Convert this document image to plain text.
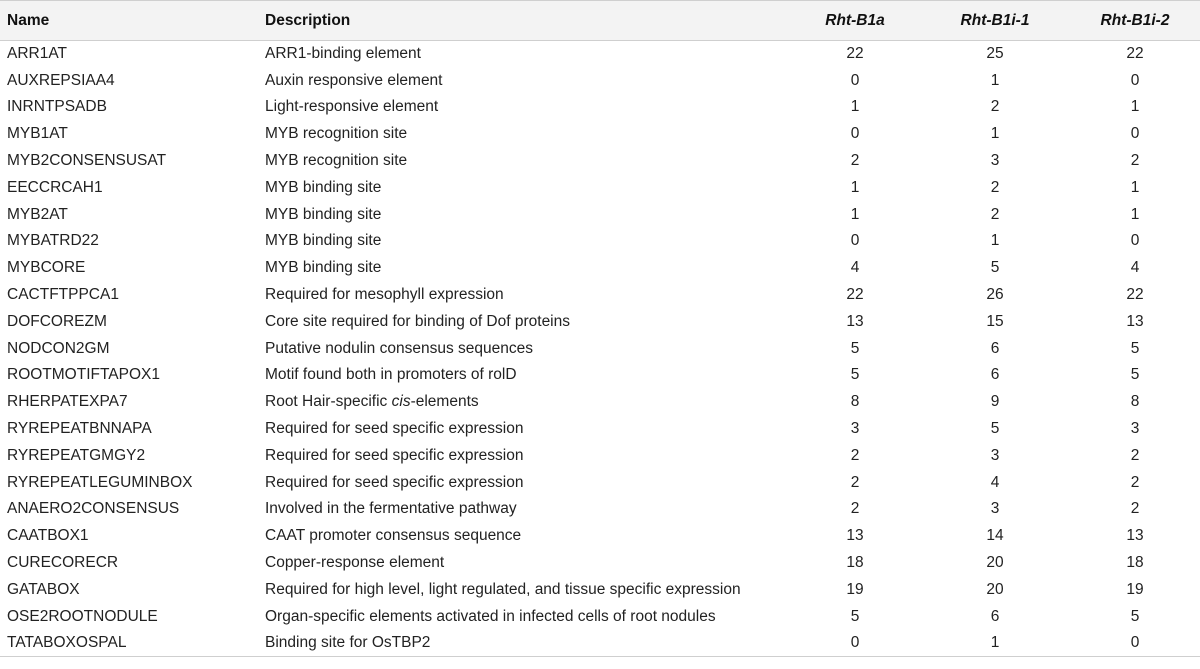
Name	Description	Rht-B1a	Rht-B1i-1	Rht-B1i-2
ARR1AT	ARR1-binding element	22	25	22
AUXREPSIAA4	Auxin responsive element	0	1	0
INRNTPSADB	Light-responsive element	1	2	1
MYB1AT	MYB recognition site	0	1	0
MYB2CONSENSUSAT	MYB recognition site	2	3	2
EECCRCAH1	MYB binding site	1	2	1
MYB2AT	MYB binding site	1	2	1
MYBATRD22	MYB binding site	0	1	0
MYBCORE	MYB binding site	4	5	4
CACTFTPPCA1	Required for mesophyll expression	22	26	22
DOFCOREZM	Core site required for binding of Dof proteins	13	15	13
NODCON2GM	Putative nodulin consensus sequences	5	6	5
ROOTMOTIFTAPOX1	Motif found both in promoters of rolD	5	6	5
RHERPATEXPA7	Root Hair-specific cis-elements	8	9	8
RYREPEATBNNAPA	Required for seed specific expression	3	5	3
RYREPEATGMGY2	Required for seed specific expression	2	3	2
RYREPEATLEGUMINBOX	Required for seed specific expression	2	4	2
ANAERO2CONSENSUS	Involved in the fermentative pathway	2	3	2
CAATBOX1	CAAT promoter consensus sequence	13	14	13
CURECORECR	Copper-response element	18	20	18
GATABOX	Required for high level, light regulated, and tissue specific expression	19	20	19
OSE2ROOTNODULE	Organ-specific elements activated in infected cells of root nodules	5	6	5
TATABOXOSPAL	Binding site for OsTBP2	0	1	0
